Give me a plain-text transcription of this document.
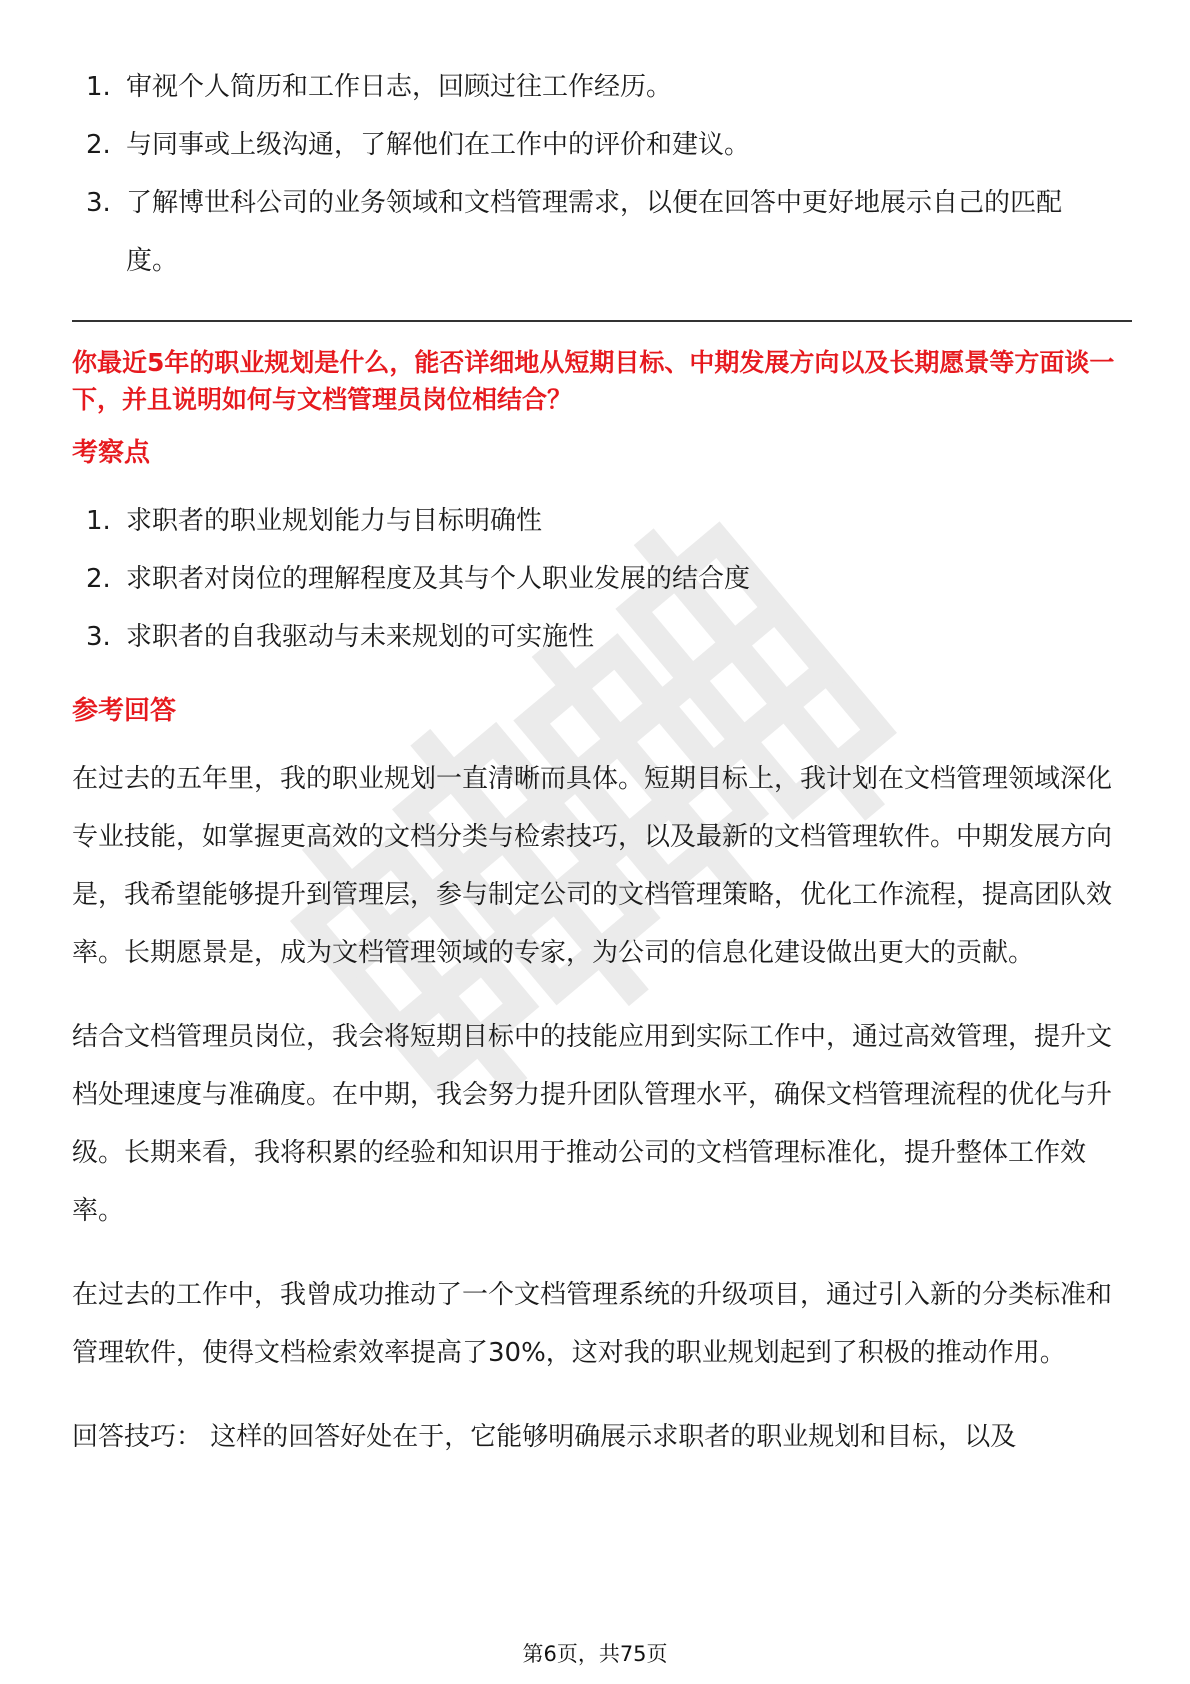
1. 审视个人简历和工作日志，回顾过往工作经历。
2. 与同事或上级沟通，了解他们在工作中的评价和建议。
3. 了解博世科公司的业务领域和文档管理需求，以便在回答中更好地展示自己的匹配度。

你最近5年的职业规划是什么，能否详细地从短期目标、中期发展方向以及长期愿景等方面谈一下，并且说明如何与文档管理员岗位相结合？

考察点
1. 求职者的职业规划能力与目标明确性
2. 求职者对岗位的理解程度及其与个人职业发展的结合度
3. 求职者的自我驱动与未来规划的可实施性
参考回答

在过去的五年里，我的职业规划一直清晰而具体。短期目标上，我计划在文档管理领域深化专业技能，如掌握更高效的文档分类与检索技巧，以及最新的文档管理软件。中期发展方向是，我希望能够提升到管理层，参与制定公司的文档管理策略，优化工作流程，提高团队效率。长期愿景是，成为文档管理领域的专家，为公司的信息化建设做出更大的贡献。

结合文档管理员岗位，我会将短期目标中的技能应用到实际工作中，通过高效管理，提升文档处理速度与准确度。在中期，我会努力提升团队管理水平，确保文档管理流程的优化与升级。长期来看，我将积累的经验和知识用于推动公司的文档管理标准化，提升整体工作效率。

在过去的工作中，我曾成功推动了一个文档管理系统的升级项目，通过引入新的分类标准和管理软件，使得文档检索效率提高了30%，这对我的职业规划起到了积极的推动作用。

回答技巧： 这样的回答好处在于，它能够明确展示求职者的职业规划和目标，以及

第6页，共75页
